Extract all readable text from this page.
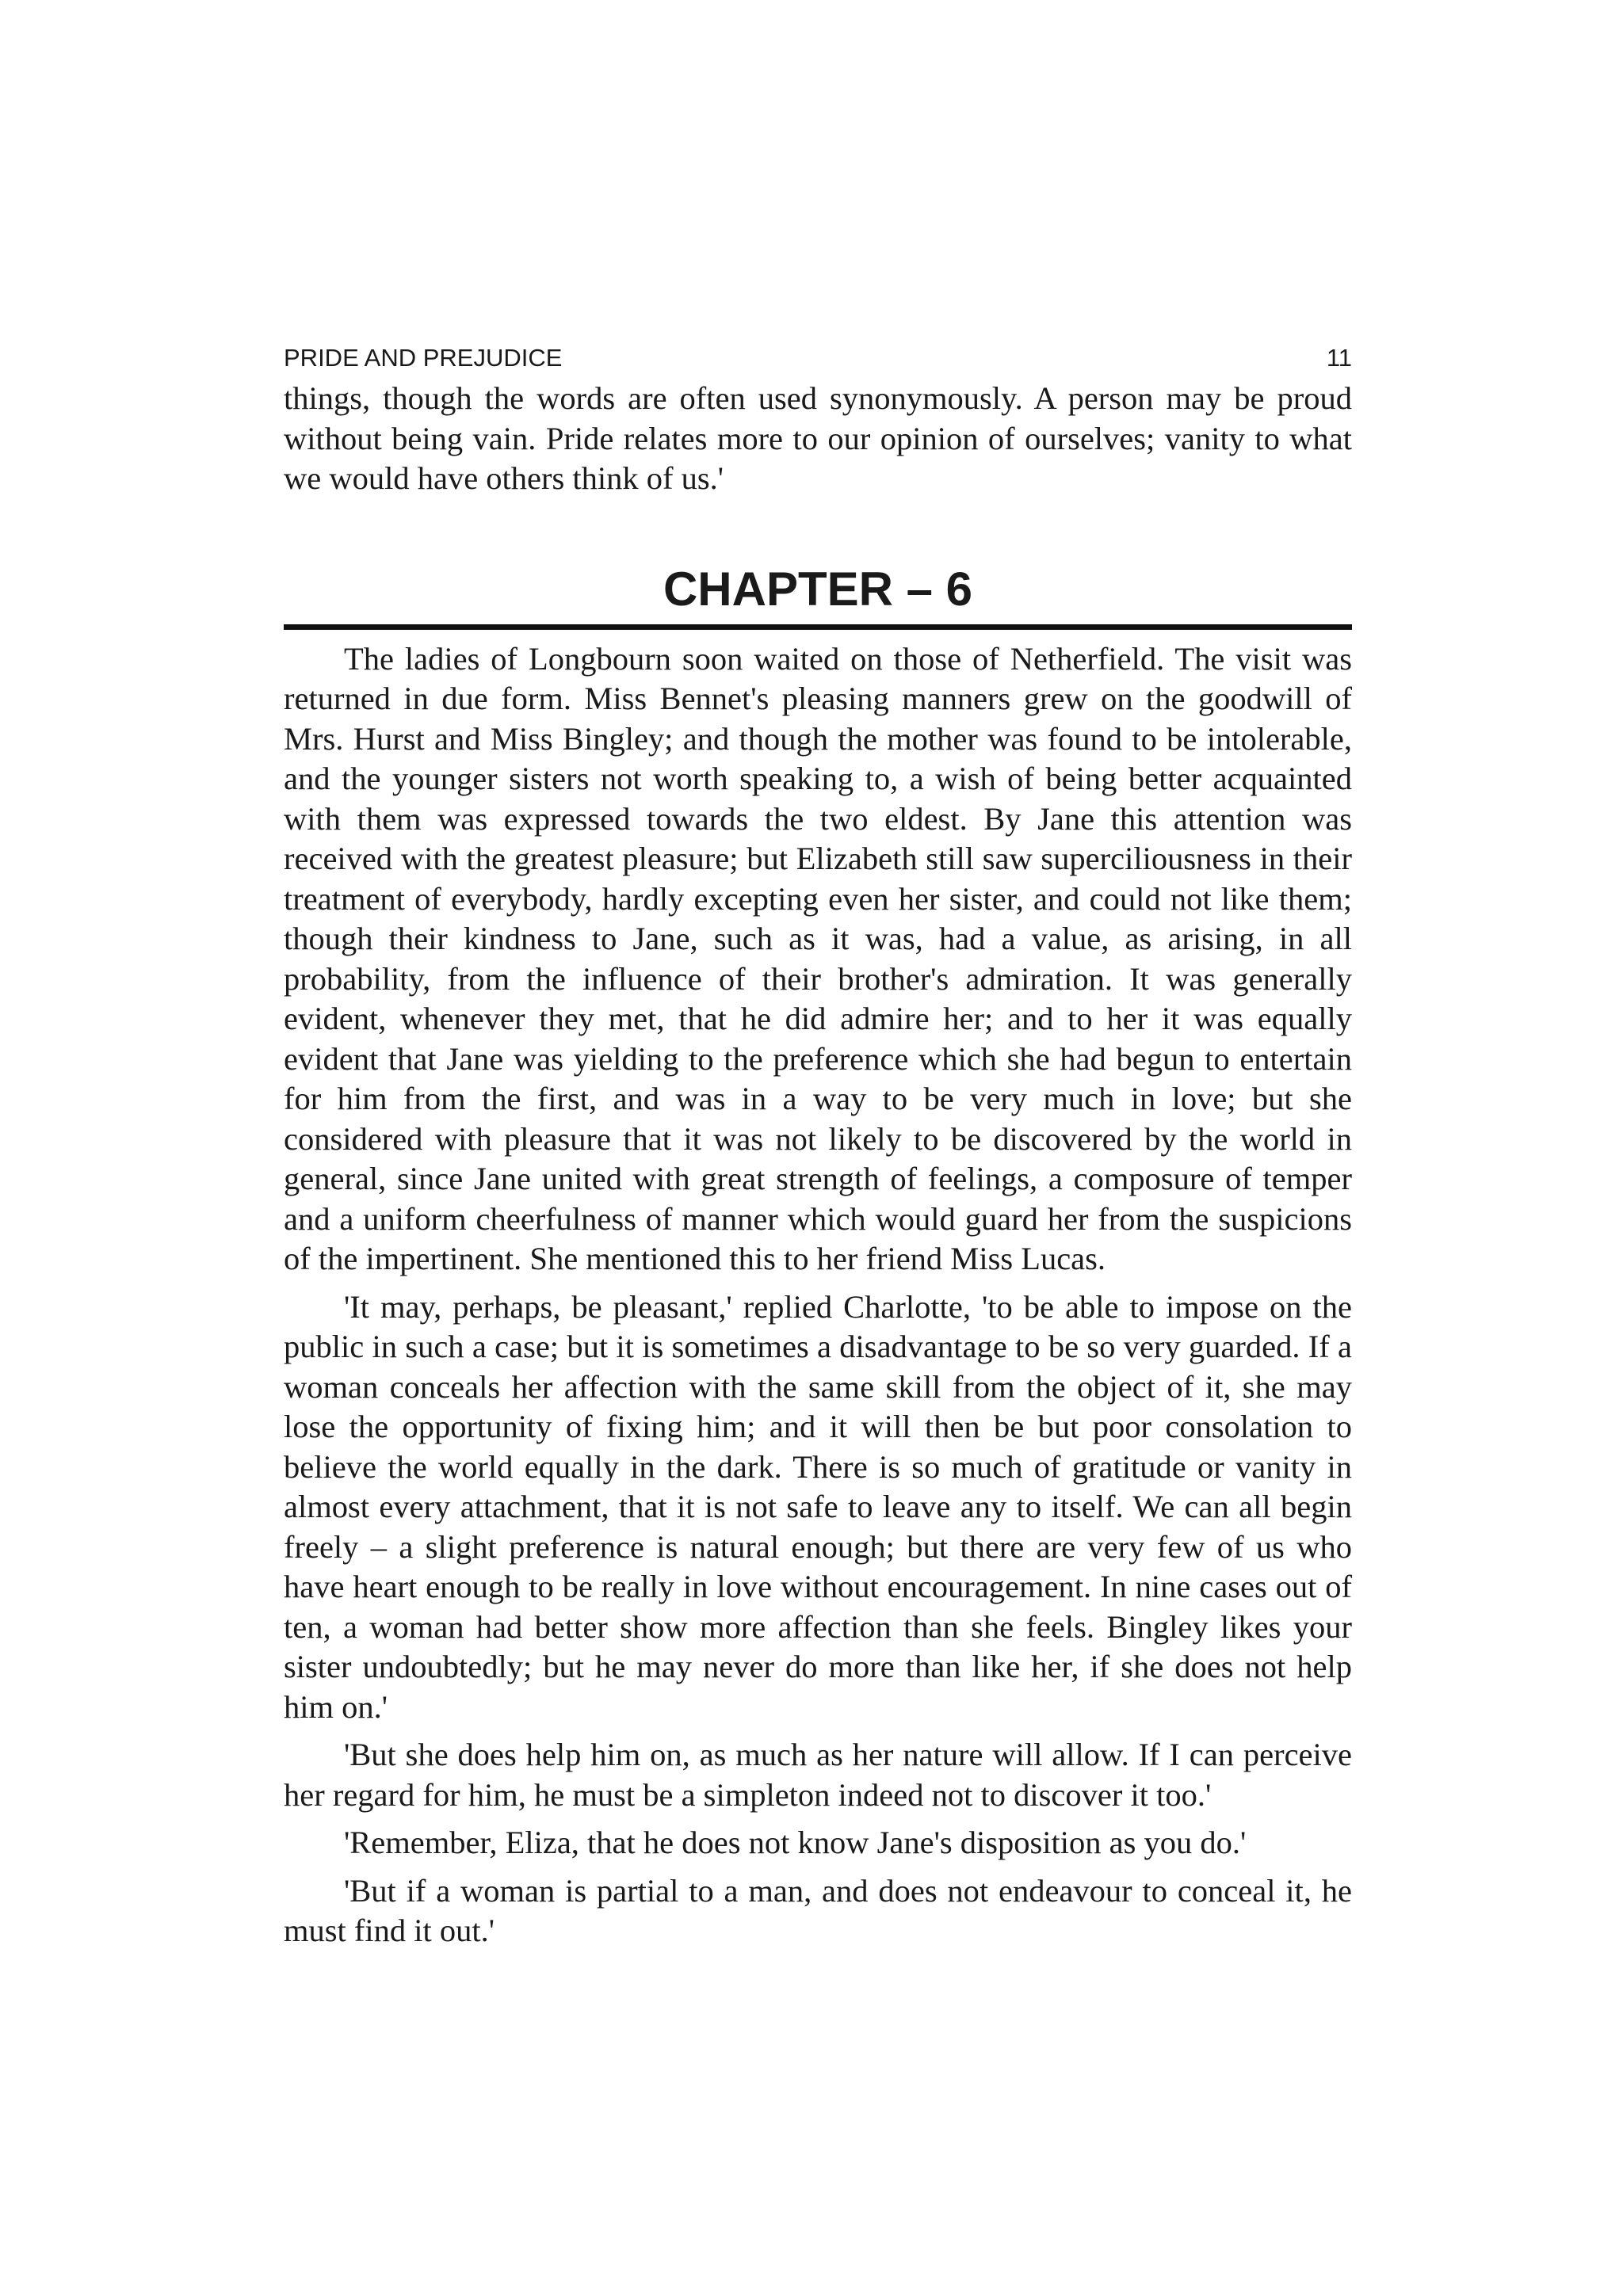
PRIDE AND PREJUDICE	11

things, though the words are often used synonymously. A person may be proud without being vain. Pride relates more to our opinion of ourselves; vanity to what we would have others think of us.'

CHAPTER – 6

The ladies of Longbourn soon waited on those of Netherfield. The visit was returned in due form. Miss Bennet's pleasing manners grew on the goodwill of Mrs. Hurst and Miss Bingley; and though the mother was found to be intolerable, and the younger sisters not worth speaking to, a wish of being better acquainted with them was expressed towards the two eldest. By Jane this attention was received with the greatest pleasure; but Elizabeth still saw superciliousness in their treatment of everybody, hardly excepting even her sister, and could not like them; though their kindness to Jane, such as it was, had a value, as arising, in all probability, from the influence of their brother's admiration. It was generally evident, whenever they met, that he did admire her; and to her it was equally evident that Jane was yielding to the preference which she had begun to entertain for him from the first, and was in a way to be very much in love; but she considered with pleasure that it was not likely to be discovered by the world in general, since Jane united with great strength of feelings, a composure of temper and a uniform cheerfulness of manner which would guard her from the suspicions of the impertinent. She mentioned this to her friend Miss Lucas.

'It may, perhaps, be pleasant,' replied Charlotte, 'to be able to impose on the public in such a case; but it is sometimes a disadvantage to be so very guarded. If a woman conceals her affection with the same skill from the object of it, she may lose the opportunity of fixing him; and it will then be but poor consolation to believe the world equally in the dark. There is so much of gratitude or vanity in almost every attachment, that it is not safe to leave any to itself. We can all begin freely – a slight preference is natural enough; but there are very few of us who have heart enough to be really in love without encouragement. In nine cases out of ten, a woman had better show more affection than she feels. Bingley likes your sister undoubtedly; but he may never do more than like her, if she does not help him on.'

'But she does help him on, as much as her nature will allow. If I can perceive her regard for him, he must be a simpleton indeed not to discover it too.'

'Remember, Eliza, that he does not know Jane's disposition as you do.'

'But if a woman is partial to a man, and does not endeavour to conceal it, he must find it out.'
